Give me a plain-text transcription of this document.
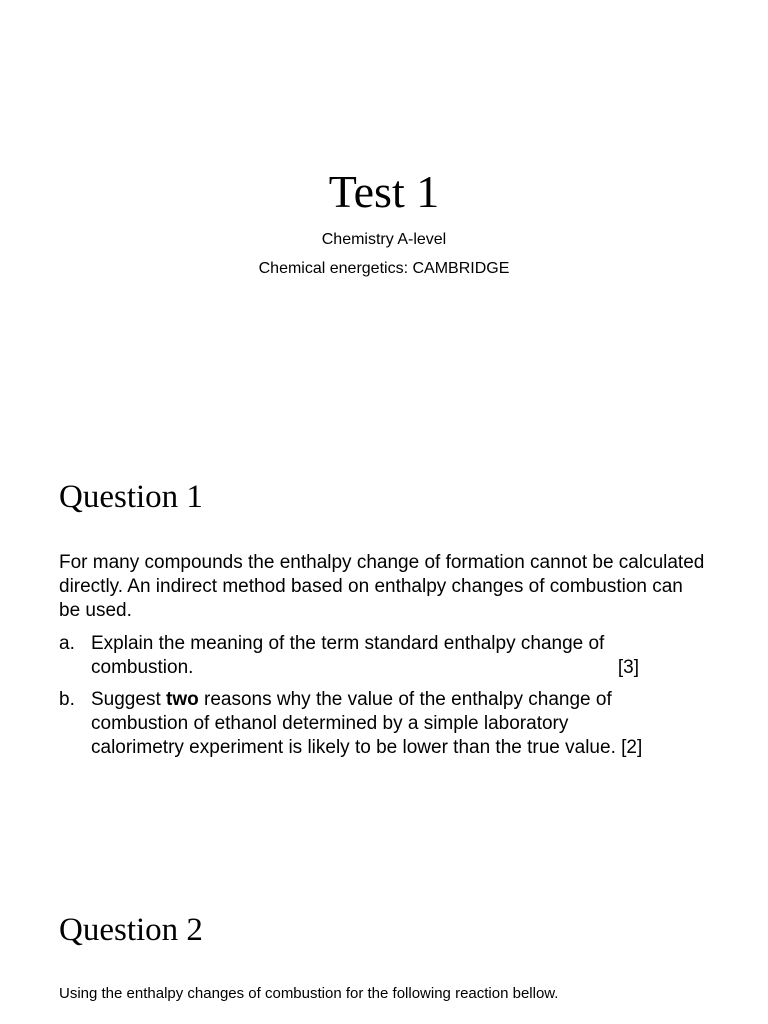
Test 1

Chemistry A-level

Chemical energetics: CAMBRIDGE

Question 1

For many compounds the enthalpy change of formation cannot be calculated directly. An indirect method based on enthalpy changes of combustion can be used.

a. Explain the meaning of the term standard enthalpy change of
combustion.	[3]
b. Suggest two reasons why the value of the enthalpy change of
combustion of ethanol determined by a simple laboratory
calorimetry experiment is likely to be lower than the true value. [2]
Question 2

Using the enthalpy changes of combustion for the following reaction bellow.
